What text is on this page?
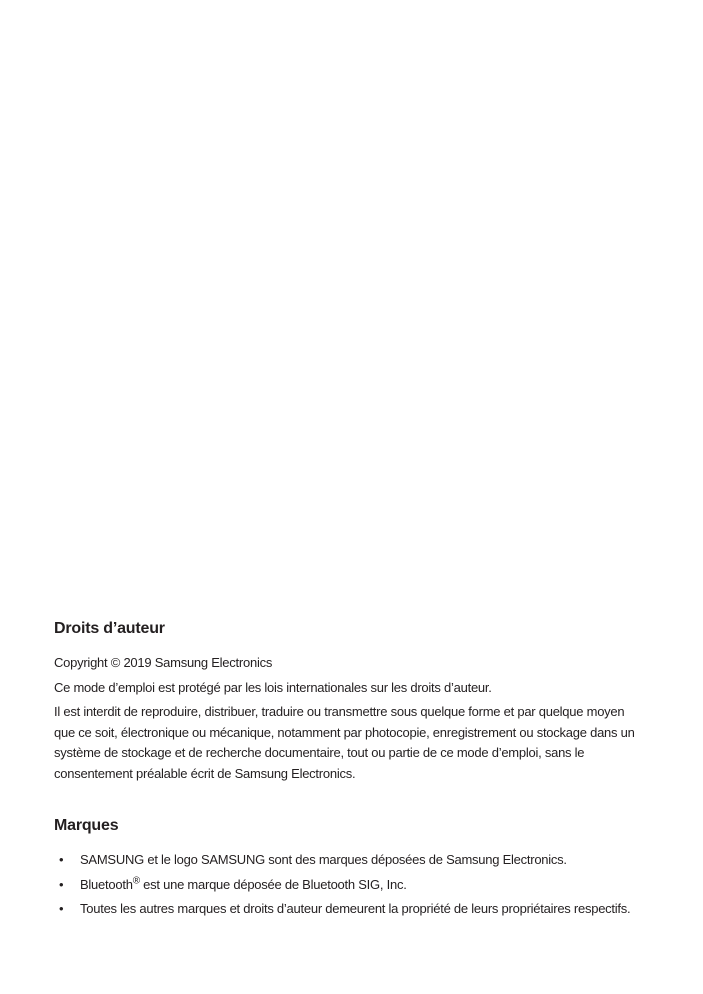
Droits d’auteur

Copyright © 2019 Samsung Electronics

Ce mode d’emploi est protégé par les lois internationales sur les droits d’auteur.

Il est interdit de reproduire, distribuer, traduire ou transmettre sous quelque forme et par quelque moyen que ce soit, électronique ou mécanique, notamment par photocopie, enregistrement ou stockage dans un système de stockage et de recherche documentaire, tout ou partie de ce mode d’emploi, sans le consentement préalable écrit de Samsung Electronics.

Marques
• SAMSUNG et le logo SAMSUNG sont des marques déposées de Samsung Electronics.
• Bluetooth® est une marque déposée de Bluetooth SIG, Inc.
• Toutes les autres marques et droits d’auteur demeurent la propriété de leurs propriétaires respectifs.
